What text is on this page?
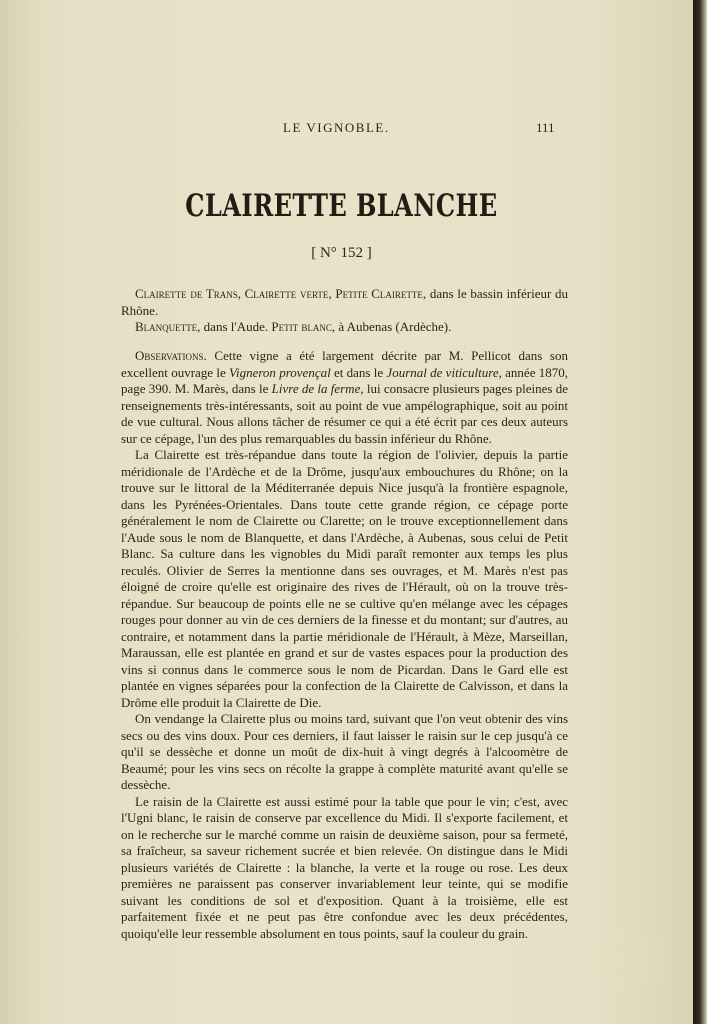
LE VIGNOBLE.	111
CLAIRETTE BLANCHE
[ N° 152 ]

Clairette de Trans, Clairette verte, Petite Clairette, dans le bassin inférieur du Rhône.

Blanquette, dans l'Aude. Petit blanc, à Aubenas (Ardèche).

Observations. Cette vigne a été largement décrite par M. Pellicot dans son excellent ouvrage le Vigneron provençal et dans le Journal de viticulture, année 1870, page 390. M. Marès, dans le Livre de la ferme, lui consacre plusieurs pages pleines de renseignements très-intéressants, soit au point de vue ampélographique, soit au point de vue cultural. Nous allons tâcher de résumer ce qui a été écrit par ces deux auteurs sur ce cépage, l'un des plus remarquables du bassin inférieur du Rhône.

La Clairette est très-répandue dans toute la région de l'olivier, depuis la partie méridionale de l'Ardèche et de la Drôme, jusqu'aux embouchures du Rhône; on la trouve sur le littoral de la Méditerranée depuis Nice jusqu'à la frontière espagnole, dans les Pyrénées-Orientales. Dans toute cette grande région, ce cépage porte généralement le nom de Clairette ou Clarette; on le trouve exceptionnellement dans l'Aude sous le nom de Blanquette, et dans l'Ardèche, à Aubenas, sous celui de Petit Blanc. Sa culture dans les vignobles du Midi paraît remonter aux temps les plus reculés. Olivier de Serres la mentionne dans ses ouvrages, et M. Marès n'est pas éloigné de croire qu'elle est originaire des rives de l'Hérault, où on la trouve très-répandue. Sur beaucoup de points elle ne se cultive qu'en mélange avec les cépages rouges pour donner au vin de ces derniers de la finesse et du montant; sur d'autres, au contraire, et notamment dans la partie méridionale de l'Hérault, à Mèze, Marseillan, Maraussan, elle est plantée en grand et sur de vastes espaces pour la production des vins si connus dans le commerce sous le nom de Picardan. Dans le Gard elle est plantée en vignes séparées pour la confection de la Clairette de Calvisson, et dans la Drôme elle produit la Clairette de Die.

On vendange la Clairette plus ou moins tard, suivant que l'on veut obtenir des vins secs ou des vins doux. Pour ces derniers, il faut laisser le raisin sur le cep jusqu'à ce qu'il se dessèche et donne un moût de dix-huit à vingt degrés à l'alcoomètre de Beaumé; pour les vins secs on récolte la grappe à complète maturité avant qu'elle se dessèche.

Le raisin de la Clairette est aussi estimé pour la table que pour le vin; c'est, avec l'Ugni blanc, le raisin de conserve par excellence du Midi. Il s'exporte facilement, et on le recherche sur le marché comme un raisin de deuxième saison, pour sa fermeté, sa fraîcheur, sa saveur richement sucrée et bien relevée. On distingue dans le Midi plusieurs variétés de Clairette : la blanche, la verte et la rouge ou rose. Les deux premières ne paraissent pas conserver invariablement leur teinte, qui se modifie suivant les conditions de sol et d'exposition. Quant à la troisième, elle est parfaitement fixée et ne peut pas être confondue avec les deux précédentes, quoiqu'elle leur ressemble absolument en tous points, sauf la couleur du grain.
